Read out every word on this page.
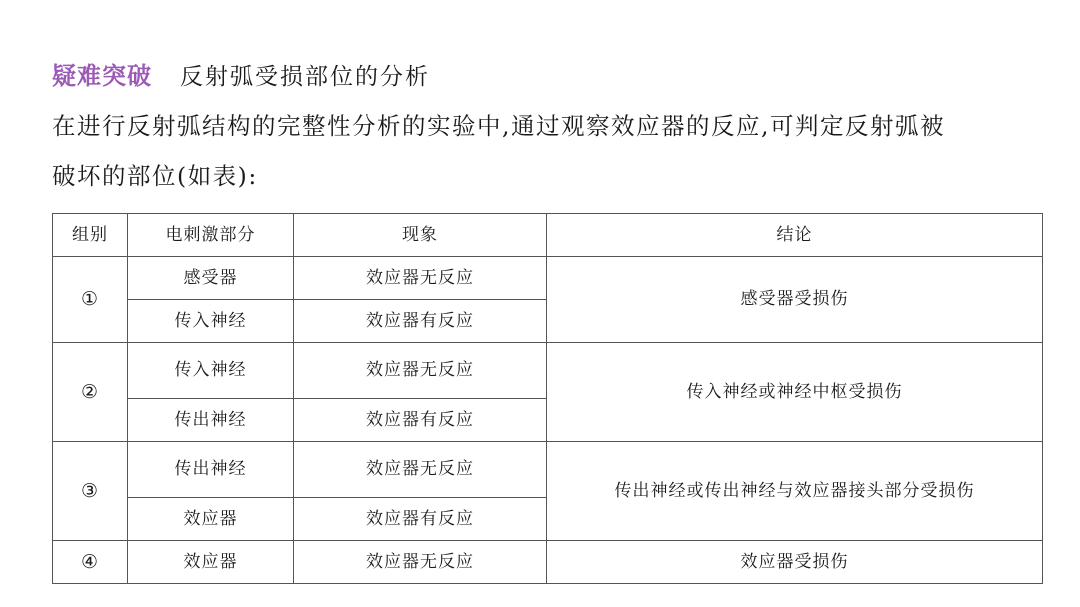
疑难突破 反射弧受损部位的分析
在进行反射弧结构的完整性分析的实验中,通过观察效应器的反应,可判定反射弧被
破坏的部位(如表):
组别	电刺激部分	现象	结论
①	感受器	效应器无反应	感受器受损伤
	传入神经	效应器有反应	
②	传入神经	效应器无反应	传入神经或神经中枢受损伤
	传出神经	效应器有反应	
③	传出神经	效应器无反应	传出神经或传出神经与效应器接头部分受损伤
	效应器	效应器有反应	
④	效应器	效应器无反应	效应器受损伤
